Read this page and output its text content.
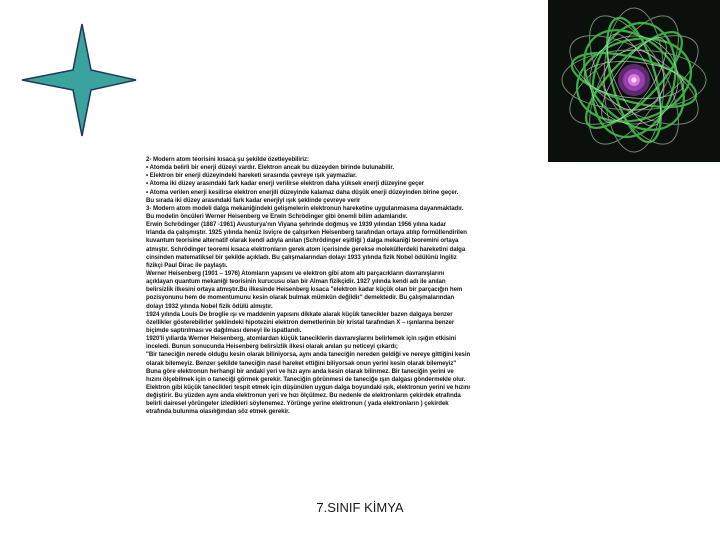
2- Modern atom teorisini kısaca şu şekilde özetleyebiliriz:
• Atomda belirli bir enerji düzeyi vardır. Elektron ancak bu düzeyden birinde bulunabilir.
• Elektron bir enerji düzeyindeki hareketi sırasında çevreye ışık yaymazlar.
• Atoma iki düzey arasındaki fark kadar enerji verilirse elektron daha yüksek enerji düzeyine geçer
• Atoma verilen enerji kesilirse elektron enerjili düzeyinde kalamaz daha düşük enerji düzeyinden birine geçer.
Bu sırada iki düzey arasındaki fark kadar enerjiyi ışık şeklinde çevreye verir
3- Modern atom modeli dalga mekaniğindeki gelişmelerin elektronun hareketine uygulanmasına dayanmaktadır.
Bu modelin öncüleri Werner Heisenberg ve Erwin Schrödinger gibi önemli bilim adamlarıdır.
Erwin Schrödinger (1887 -1961) Avusturya'nın Viyana şehrinde doğmuş ve 1939 yılından 1956 yılına kadar
İrlanda da çalışmıştır. 1925 yılında henüz İsviçre de çalışırken Heisenberg tarafından ortaya atılıp formüllendirilen
kuvantum teorisine alternatif olarak kendi adıyla anılan (Schrödinger eşitliği ) dalga mekaniği teoremini ortaya
atmıştır. Schrödinger teoremi kısaca elektronların gerek atom içerisinde gerekse moleküllerdeki hareketini dalga
cinsinden matematiksel bir şekilde açıkladı. Bu çalışmalarından dolayı 1933 yılında fizik Nobel ödülünü İngiliz
fizikçi Paul Dirac ile paylaştı.
Werner Heisenberg (1901 – 1976) Atomların yapısını ve elektron gibi atom altı parçacıkların davranışlarını
açıklayan quantum mekaniği teorisinin kurucusu olan bir Alman fizikçidir. 1927 yılında kendi adı ile anılan
belirsizlik ilkesini ortaya atmıştır.Bu ilkesinde Heisenberg kısaca "elektron kadar küçük olan bir parçacığın hem
pozisyonunu hem de momentumunu kesin olarak bulmak mümkün değildir" demektedir. Bu çalışmalarından
dolayı 1932 yılında Nobel fizik ödülü almıştır.
1924 yılında Louis De broglie ışı ve maddenin yapısını dikkate alarak küçük tanecikler bazen dalgaya benzer
özellikler gösterebilirler şeklindeki hipotezini elektron demetlerinin bir kristal tarafından X – ışınlarına benzer
biçimde saptırılması ve dağılması deneyi ile ispatlandı.
1920'li yıllarda Werner Heisenberg, atomlardan küçük taneciklerin davranışlarını belirlemek için ışığın etkisini
inceledi. Bunun sonucunda Heisenberg belirsizlik ilkesi olarak anılan şu neticeyi çıkardı;
"Bir taneciğin nerede olduğu kesin olarak biliniyorsa, aynı anda taneciğin nereden geldiği ve nereye gittiğini kesin
olarak bilemeyiz. Benzer şekilde taneciğin nasıl hareket ettiğini biliyorsak onun yerini kesin olarak bilemeyiz"
Buna göre elektronun herhangi bir andaki yeri ve hızı aynı anda kesin olarak bilinmez. Bir taneciğin yerini ve
hızını ölçebilmek için o taneciği görmek gerekir. Taneciğin görünmesi de taneciğe ışın dalgası göndermekle olur.
Elektron gibi küçük tanecikleri tespit etmek için düşünülen uygun dalga boyundaki ışık, elektronun yerini ve hızını
değiştirir. Bu yüzden aynı anda elektronun yeri ve hızı ölçülmez. Bu nedenle de elektronların çekirdek etrafında
belirli dairesel yörüngeler izledikleri söylenemez. Yörünge yerine elektronun ( yada elektronların ) çekirdek
etrafında bulunma olasılığından söz etmek gerekir.
7.SINIF KİMYA
